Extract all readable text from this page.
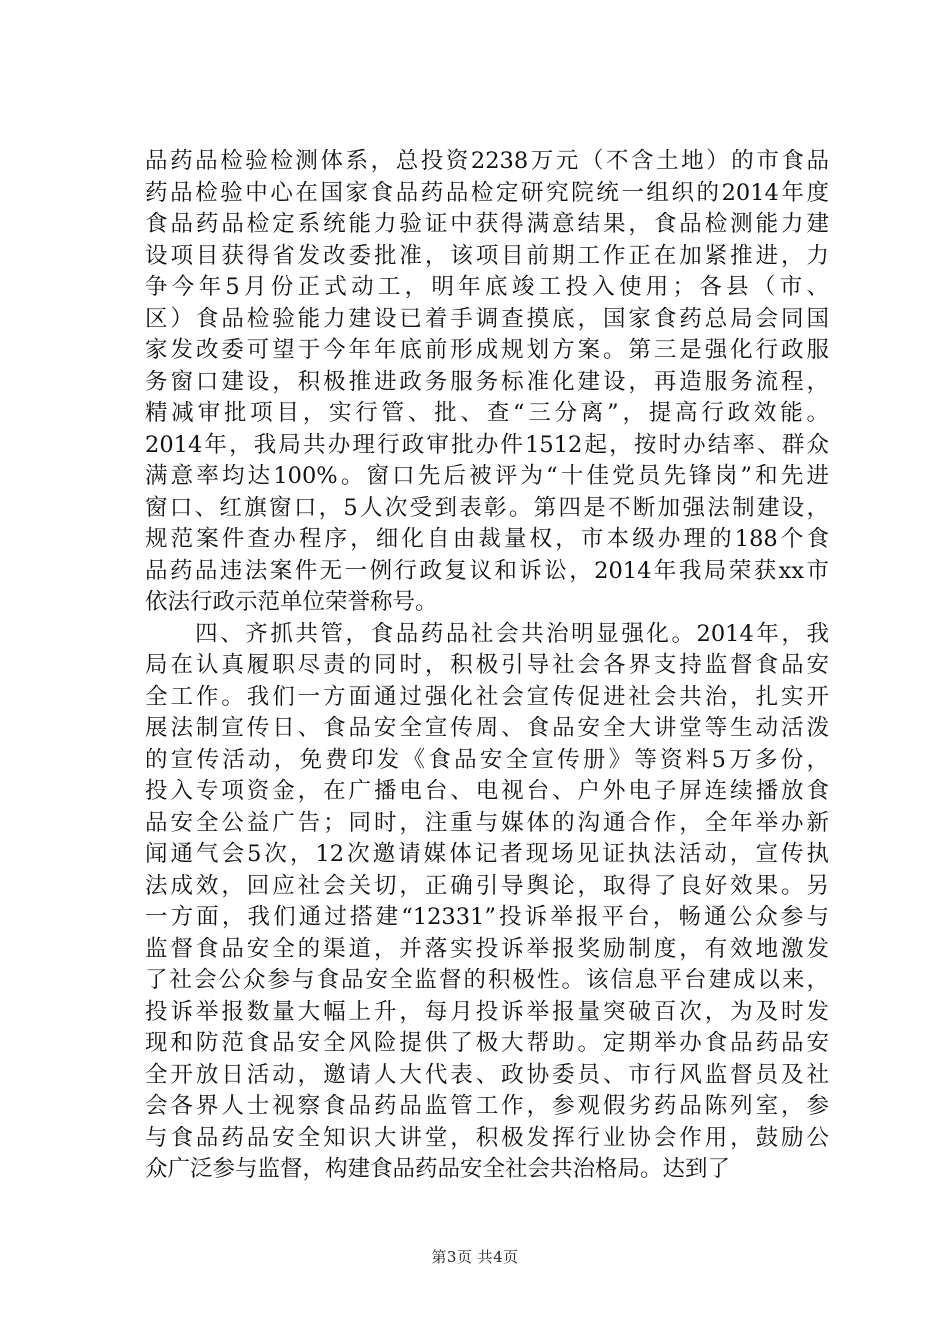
品药品检验检测体系，总投资2238万元（不含土地）的市食品
药品检验中心在国家食品药品检定研究院统一组织的2014年度
食品药品检定系统能力验证中获得满意结果，食品检测能力建
设项目获得省发改委批准，该项目前期工作正在加紧推进，力
争今年5月份正式动工，明年底竣工投入使用；各县（市、
区）食品检验能力建设已着手调查摸底，国家食药总局会同国
家发改委可望于今年年底前形成规划方案。第三是强化行政服
务窗口建设，积极推进政务服务标准化建设，再造服务流程，
精减审批项目，实行管、批、查“三分离”，提高行政效能。
2014年，我局共办理行政审批办件1512起，按时办结率、群众
满意率均达100%。窗口先后被评为“十佳党员先锋岗”和先进
窗口、红旗窗口，5人次受到表彰。第四是不断加强法制建设，
规范案件查办程序，细化自由裁量权，市本级办理的188个食
品药品违法案件无一例行政复议和诉讼，2014年我局荣获xx市
依法行政示范单位荣誉称号。
　　四、齐抓共管，食品药品社会共治明显强化。2014年，我
局在认真履职尽责的同时，积极引导社会各界支持监督食品安
全工作。我们一方面通过强化社会宣传促进社会共治，扎实开
展法制宣传日、食品安全宣传周、食品安全大讲堂等生动活泼
的宣传活动，免费印发《食品安全宣传册》等资料5万多份，
投入专项资金，在广播电台、电视台、户外电子屏连续播放食
品安全公益广告；同时，注重与媒体的沟通合作，全年举办新
闻通气会5次，12次邀请媒体记者现场见证执法活动，宣传执
法成效，回应社会关切，正确引导舆论，取得了良好效果。另
一方面，我们通过搭建“12331”投诉举报平台，畅通公众参与
监督食品安全的渠道，并落实投诉举报奖励制度，有效地激发
了社会公众参与食品安全监督的积极性。该信息平台建成以来，
投诉举报数量大幅上升，每月投诉举报量突破百次，为及时发
现和防范食品安全风险提供了极大帮助。定期举办食品药品安
全开放日活动，邀请人大代表、政协委员、市行风监督员及社
会各界人士视察食品药品监管工作，参观假劣药品陈列室，参
与食品药品安全知识大讲堂，积极发挥行业协会作用，鼓励公
众广泛参与监督，构建食品药品安全社会共治格局。达到了
第3页 共4页
